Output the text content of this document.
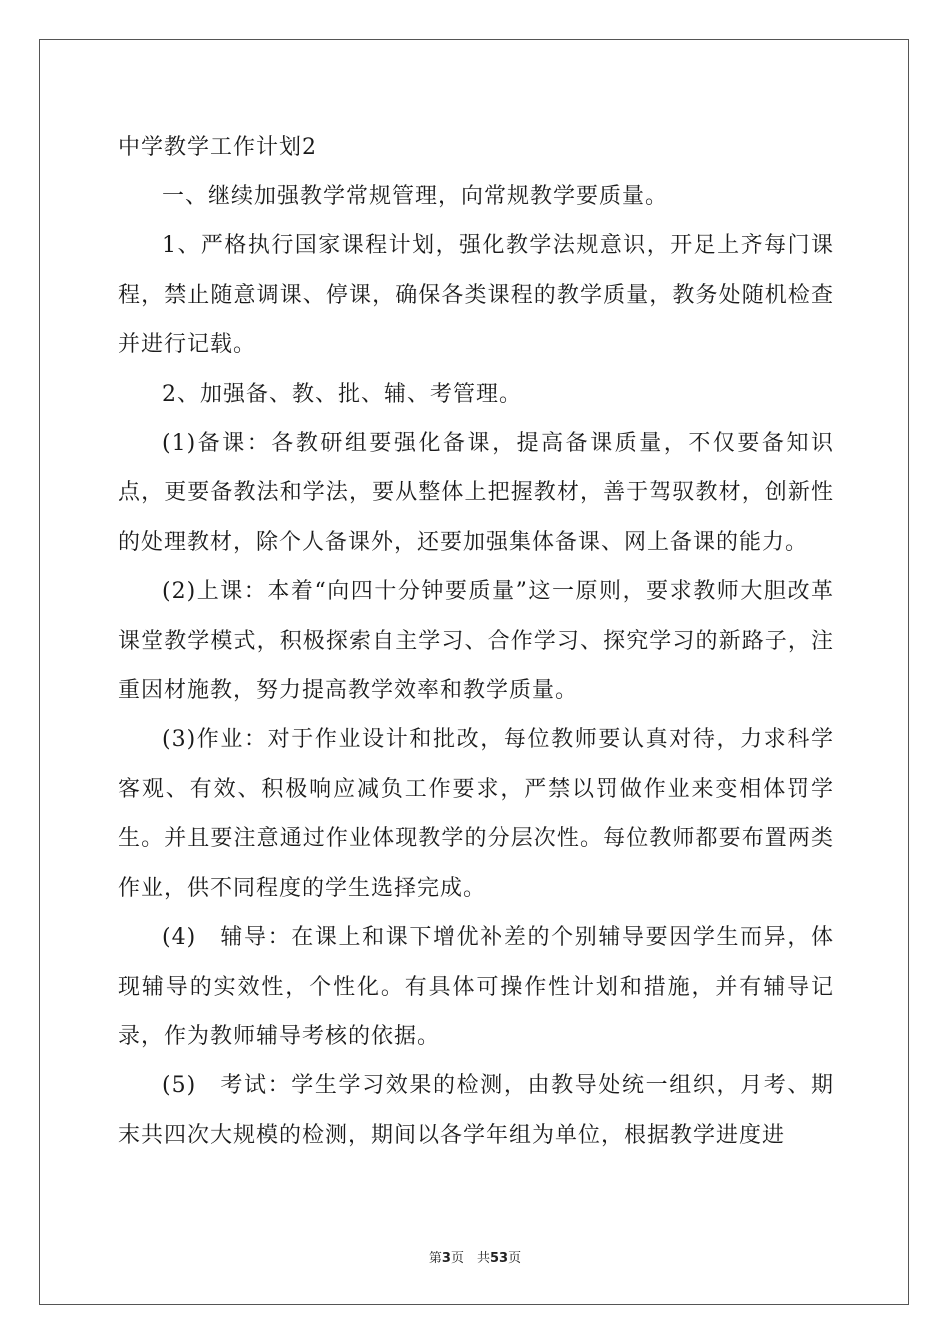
中学教学工作计划2

一、继续加强教学常规管理，向常规教学要质量。

1、严格执行国家课程计划，强化教学法规意识，开足上齐每门课程，禁止随意调课、停课，确保各类课程的教学质量，教务处随机检查并进行记载。

2、加强备、教、批、辅、考管理。

(1)备课：各教研组要强化备课，提高备课质量，不仅要备知识点，更要备教法和学法，要从整体上把握教材，善于驾驭教材，创新性的处理教材，除个人备课外，还要加强集体备课、网上备课的能力。

(2)上课：本着“向四十分钟要质量”这一原则，要求教师大胆改革课堂教学模式，积极探索自主学习、合作学习、探究学习的新路子，注重因材施教，努力提高教学效率和教学质量。

(3)作业：对于作业设计和批改，每位教师要认真对待，力求科学客观、有效、积极响应减负工作要求，严禁以罚做作业来变相体罚学生。并且要注意通过作业体现教学的分层次性。每位教师都要布置两类作业，供不同程度的学生选择完成。

(4)　辅导：在课上和课下增优补差的个别辅导要因学生而异，体现辅导的实效性，个性化。有具体可操作性计划和措施，并有辅导记录，作为教师辅导考核的依据。

(5)　考试：学生学习效果的检测，由教导处统一组织，月考、期末共四次大规模的检测，期间以各学年组为单位，根据教学进度进

第3页　共53页
